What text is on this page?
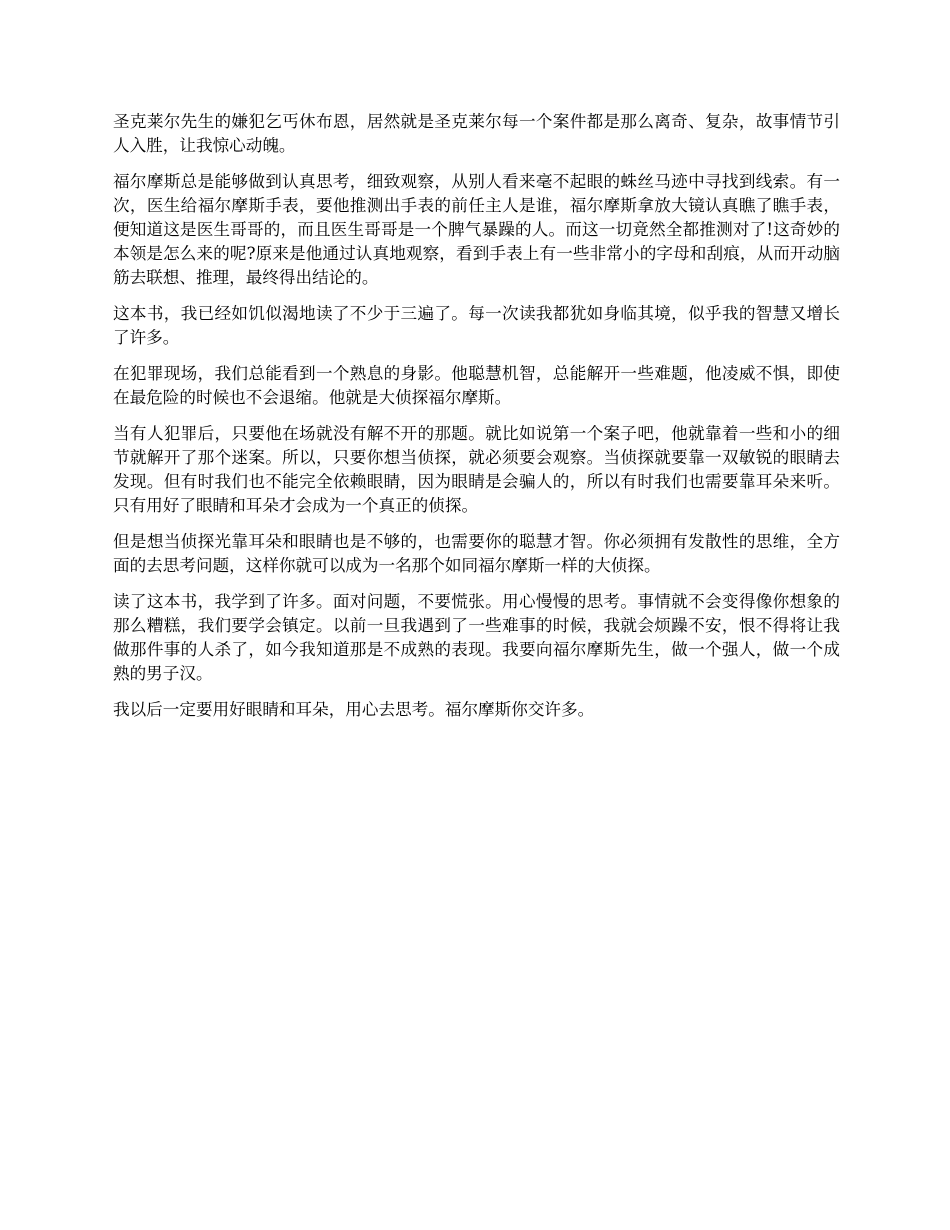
圣克莱尔先生的嫌犯乞丐休布恩，居然就是圣克莱尔每一个案件都是那么离奇、复杂，故事情节引人入胜，让我惊心动魄。

福尔摩斯总是能够做到认真思考，细致观察，从别人看来毫不起眼的蛛丝马迹中寻找到线索。有一次，医生给福尔摩斯手表，要他推测出手表的前任主人是谁，福尔摩斯拿放大镜认真瞧了瞧手表，便知道这是医生哥哥的，而且医生哥哥是一个脾气暴躁的人。而这一切竟然全都推测对了!这奇妙的本领是怎么来的呢?原来是他通过认真地观察，看到手表上有一些非常小的字母和刮痕，从而开动脑筋去联想、推理，最终得出结论的。

这本书，我已经如饥似渴地读了不少于三遍了。每一次读我都犹如身临其境，似乎我的智慧又增长了许多。

在犯罪现场，我们总能看到一个熟息的身影。他聪慧机智，总能解开一些难题，他凌威不惧，即使在最危险的时候也不会退缩。他就是大侦探福尔摩斯。

当有人犯罪后，只要他在场就没有解不开的那题。就比如说第一个案子吧，他就靠着一些和小的细节就解开了那个迷案。所以，只要你想当侦探，就必须要会观察。当侦探就要靠一双敏锐的眼睛去发现。但有时我们也不能完全依赖眼睛，因为眼睛是会骗人的，所以有时我们也需要靠耳朵来听。只有用好了眼睛和耳朵才会成为一个真正的侦探。

但是想当侦探光靠耳朵和眼睛也是不够的，也需要你的聪慧才智。你必须拥有发散性的思维，全方面的去思考问题，这样你就可以成为一名那个如同福尔摩斯一样的大侦探。

读了这本书，我学到了许多。面对问题，不要慌张。用心慢慢的思考。事情就不会变得像你想象的那么糟糕，我们要学会镇定。以前一旦我遇到了一些难事的时候，我就会烦躁不安，恨不得将让我做那件事的人杀了，如今我知道那是不成熟的表现。我要向福尔摩斯先生，做一个强人，做一个成熟的男子汉。

我以后一定要用好眼睛和耳朵，用心去思考。福尔摩斯你交许多。
